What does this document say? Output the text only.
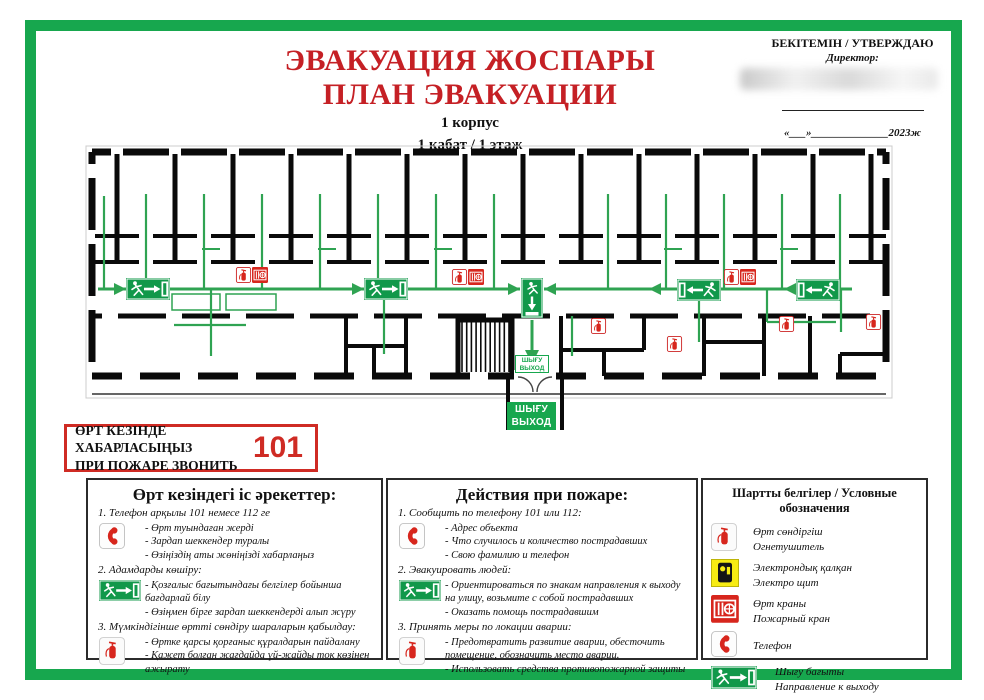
ЭВАКУАЦИЯ ЖОСПАРЫ
ПЛАН ЭВАКУАЦИИ
1 корпус
1 қабат / 1 этаж
БЕКІТЕМІН / УТВЕРЖДАЮ
Директор:
«___»______________2023ж
ШЫҒУ
ВЫХОД
ШЫҒУ
ВЫХОД
ӨРТ КЕЗІНДЕ ХАБАРЛАСЫҢЫЗ
ПРИ ПОЖАРЕ ЗВОНИТЬ
101
Өрт кезіндегі іс әрекеттер:
1. Телефон арқылы 101 немесе 112 ге
- Өрт туындаған жерді
- Зардап шеккендер туралы
- Өзіңіздің аты жөніңізді хабарлаңыз
2. Адамдарды көшіру:
- Қозғалыс бағытындағы белгілер бойынша бағдарлай білу
- Өзіңмен бірге зардап шеккендерді алып жүру
3. Мүмкіндігінше өртті сөндіру шараларын қабылдау:
- Өртке қарсы қорғаныс құралдарын пайдалану
- Қажет болған жағдайда үй-жайды ток көзінен ажырату
Действия при пожаре:
1. Сообщить по телефону 101 или 112:
- Адрес объекта
- Что случилось и количество пострадавших
- Свою фамилию и телефон
2. Эвакуировать людей:
- Ориентироваться по знакам направления к выходу на улицу, возьмите с собой пострадавших
- Оказать помощь пострадавшим
3. Принять меры по локации аварии:
- Предотвратить развитие аварии, обесточить помещение, обозначить место аварии.
- Использовать средства противопожарной защиты
Шартты белгілер / Условные обозначения
Өрт сөндіргіш
Огнетушитель
Электрондық қалқан
Электро щит
Өрт краны
Пожарный кран
Телефон
Шығу бағыты
Направление к выходу
